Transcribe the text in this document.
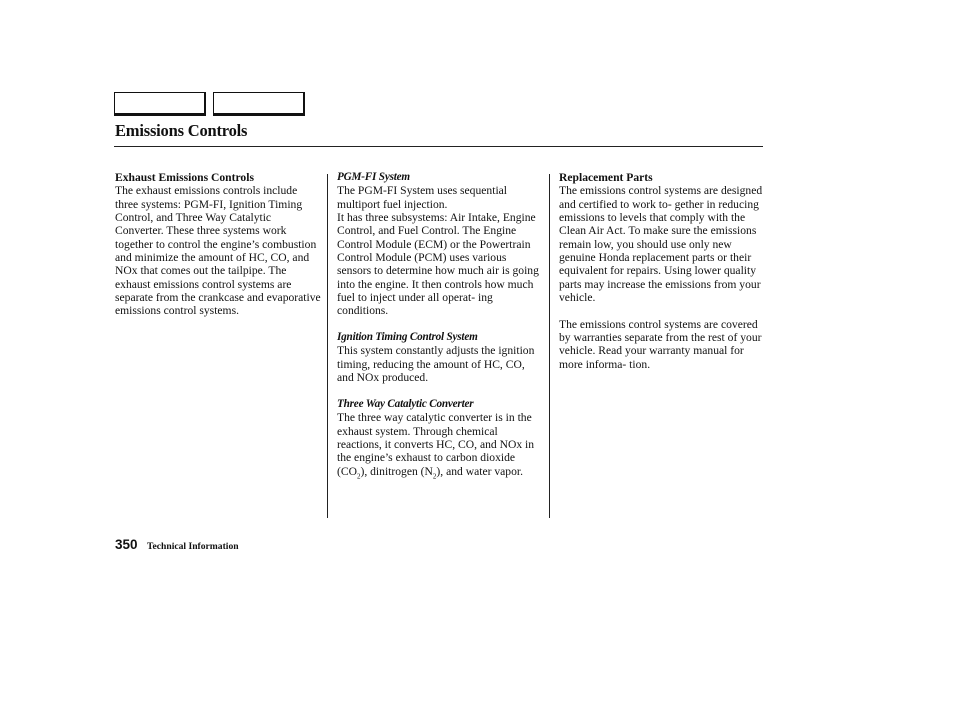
Emissions Controls

Exhaust Emissions Controls

The exhaust emissions controls include three systems: PGM-FI, Ignition Timing Control, and Three Way Catalytic Converter. These three systems work together to control the engine’s combustion and minimize the amount of HC, CO, and NOx that comes out the tailpipe. The exhaust emissions control systems are separate from the crankcase and evaporative emissions control systems.

PGM-FI System

The PGM-FI System uses sequential multiport fuel injection.

It has three subsystems: Air Intake, Engine Control, and Fuel Control. The Engine Control Module (ECM) or the Powertrain Control Module (PCM) uses various sensors to determine how much air is going into the engine. It then controls how much fuel to inject under all operat- ing conditions.

Ignition Timing Control System

This system constantly adjusts the ignition timing, reducing the amount of HC, CO, and NOx produced.

Three Way Catalytic Converter

The three way catalytic converter is in the exhaust system. Through chemical reactions, it converts HC, CO, and NOx in the engine’s exhaust to carbon dioxide $(CO_2)$, dinitrogen $(N_2)$, and water vapor.

Replacement Parts

The emissions control systems are designed and certified to work to- gether in reducing emissions to levels that comply with the Clean Air Act. To make sure the emissions remain low, you should use only new genuine Honda replacement parts or their equivalent for repairs. Using lower quality parts may increase the emissions from your vehicle.

The emissions control systems are covered by warranties separate from the rest of your vehicle. Read your warranty manual for more informa- tion.

350 Technical Information
